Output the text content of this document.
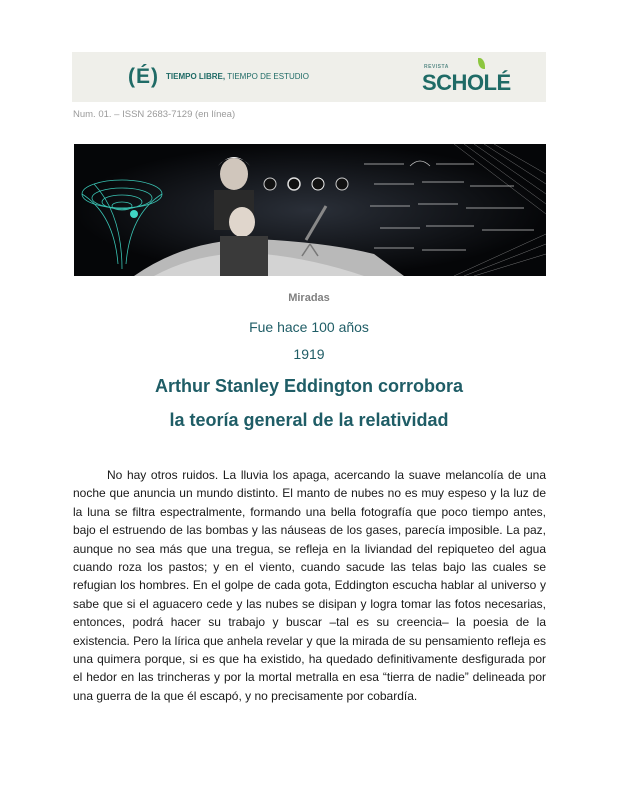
(É) TIEMPO LIBRE, TIEMPO DE ESTUDIO
REVISTA
SCHOLÉ
Num. 01. – ISSN 2683-7129 (en línea)
Miradas
Fue hace 100 años
1919
Arthur Stanley Eddington corrobora
la teoría general de la relatividad

No hay otros ruidos. La lluvia los apaga, acercando la suave melancolía de una noche que anuncia un mundo distinto. El manto de nubes no es muy espeso y la luz de la luna se filtra espectralmente, formando una bella fotografía que poco tiempo antes, bajo el estruendo de las bombas y las náuseas de los gases, parecía imposible. La paz, aunque no sea más que una tregua, se refleja en la liviandad del repiqueteo del agua cuando roza los pastos; y en el viento, cuando sacude las telas bajo las cuales se refugian los hombres. En el golpe de cada gota, Eddington escucha hablar al universo y sabe que si el aguacero cede y las nubes se disipan y logra tomar las fotos necesarias, entonces, podrá hacer su trabajo y buscar –tal es su creencia– la poesia de la existencia. Pero la lírica que anhela revelar y que la mirada de su pensamiento refleja es una quimera porque, si es que ha existido, ha quedado definitivamente desfigurada por el hedor en las trincheras y por la mortal metralla en esa “tierra de nadie” delineada por una guerra de la que él escapó, y no precisamente por cobardía.
